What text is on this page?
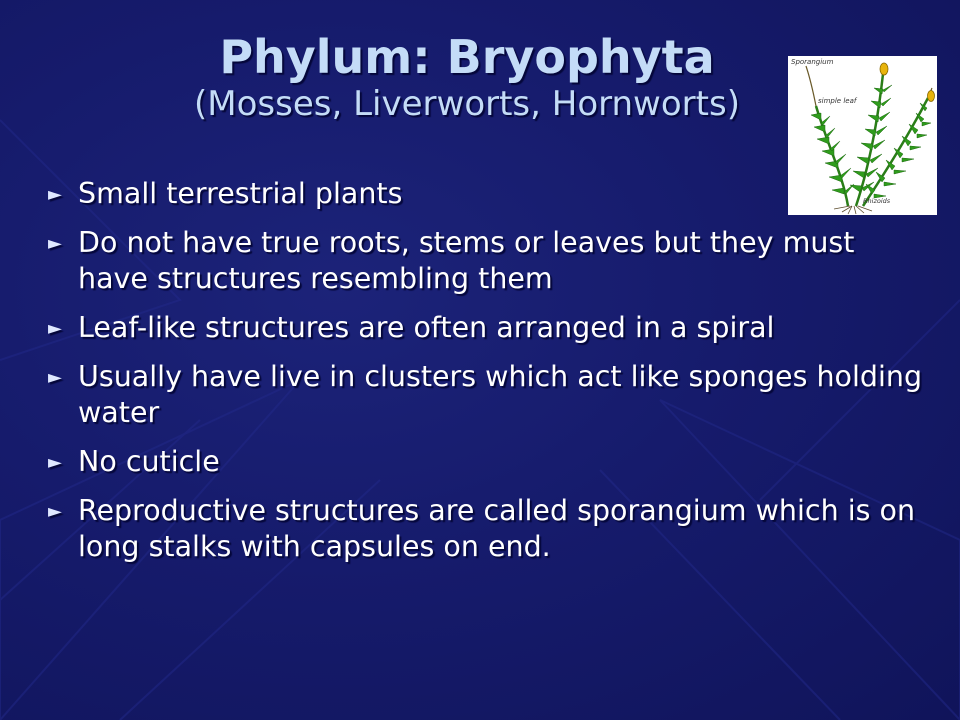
Phylum: Bryophyta
(Mosses, Liverworts, Hornworts)
Sporangium
simple leaf
Rhizoids
► Small terrestrial plants
► Do not have true roots, stems or leaves but they must have structures resembling them
► Leaf-like structures are often arranged in a spiral
► Usually have live in clusters which act like sponges holding water
► No cuticle
► Reproductive structures are called sporangium which is on long stalks with capsules on end.
